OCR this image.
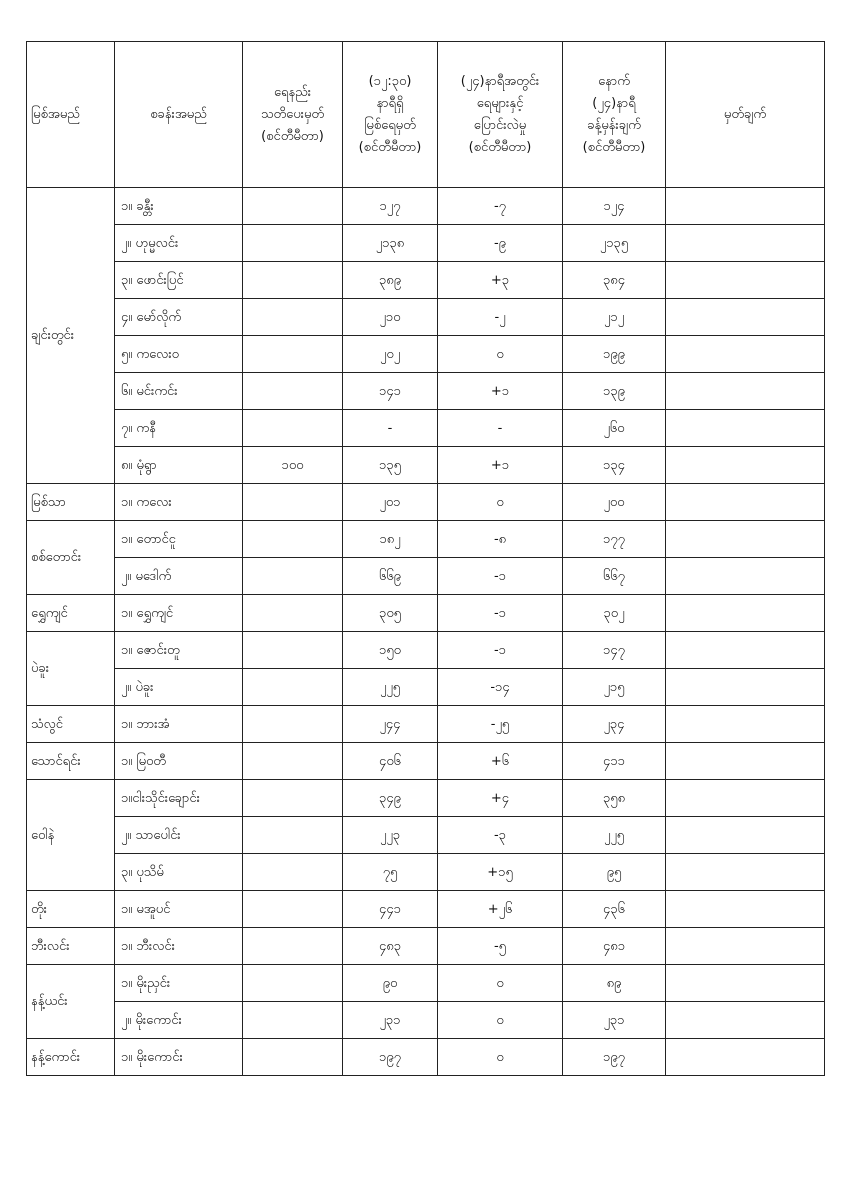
မြစ်အမည်	စခန်းအမည်	ရေနည်း
သတိပေးမှတ်
(စင်တီမီတာ)	(၁၂:၃၀)
နာရီရှိ
မြစ်ရေမှတ်
(စင်တီမီတာ)	(၂၄)နာရီအတွင်း
ရေများနှင့်
ပြောင်းလဲမှု
(စင်တီမီတာ)	နောက်
(၂၄)နာရီ
ခန့်မှန်းချက်
(စင်တီမီတာ)	မှတ်ချက်

ချင်းတွင်း	၁။ ခန္တီး		၁၂၇	-၇	၁၂၄	
	၂။ ဟုမ္မလင်း		၂၁၃၈	-၉	၂၁၃၅	
	၃။ ဖောင်းပြင်		၃၈၉	+၃	၃၈၄	
	၄။ မော်လိုက်		၂၁၀	-၂	၂၁၂	
	၅။ ကလေးဝ		၂၀၂	၀	၁၉၉	
	၆။ မင်းကင်း		၁၄၁	+၁	၁၃၉	
	၇။ ကနီ		-	-	၂၆၀	
	၈။ မုံရွာ	၁၀၀	၁၃၅	+၁	၁၃၄	
မြစ်သာ	၁။ ကလေး		၂၀၁	၀	၂၀၀	
စစ်တောင်း	၁။ တောင်ငူ		၁၈၂	-၈	၁၇၇	
	၂။ မဒေါက်		၆၆၉	-၁	၆၆၇	
ရွှေကျင်	၁။ ရွှေကျင်		၃၀၅	-၁	၃၀၂	
ပဲခူး	၁။ ဇောင်းတူ		၁၅၀	-၁	၁၄၇	
	၂။ ပဲခူး		၂၂၅	-၁၄	၂၁၅	
သံလွင်	၁။ ဘားအံ		၂၄၄	-၂၅	၂၃၄	
သောင်ရင်း	၁။ မြဝတီ		၄၀၆	+၆	၄၁၁	
ဝေါနဲ	၁။ငါးသိုင်းချောင်း		၃၄၉	+၄	၃၅၈	
	၂။ သာပေါင်း		၂၂၃	-၃	၂၂၅	
	၃။ ပုသိမ်		၇၅	+၁၅	၉၅	
တိုး	၁။ မအူပင်		၄၄၁	+၂၆	၄၃၆	
ဘီးလင်း	၁။ ဘီးလင်း		၄၈၃	-၅	၄၈၁	
နန့်ယင်း	၁။ မိုးညှင်း		၉၀	၀	၈၉	
	၂။ မိုးကောင်း		၂၃၁	၀	၂၃၁	
နန့်ကောင်း	၁။ မိုးကောင်း		၁၉၇	၀	၁၉၇	
